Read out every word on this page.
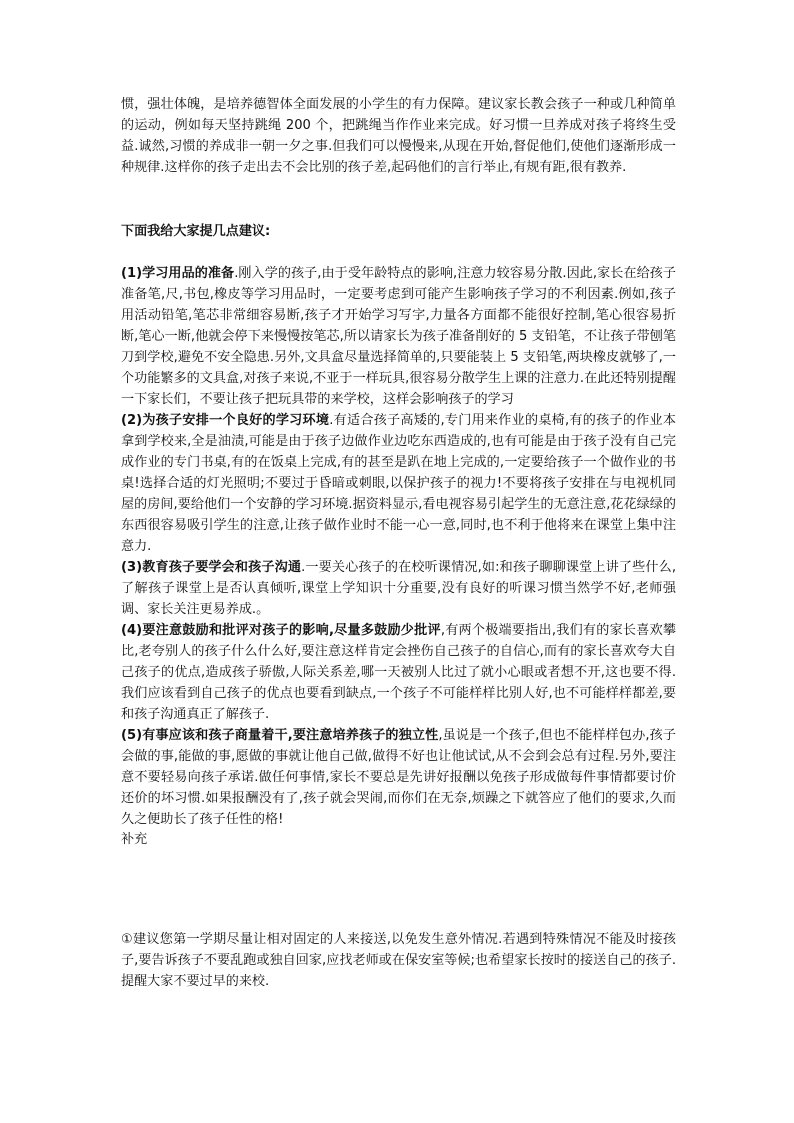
惯，强壮体魄，是培养德智体全面发展的小学生的有力保障。建议家长教会孩子一种或几种简单的运动，例如每天坚持跳绳 200 个，把跳绳当作作业来完成。好习惯一旦养成对孩子将终生受益.诚然,习惯的养成非一朝一夕之事.但我们可以慢慢来,从现在开始,督促他们,使他们逐渐形成一种规律.这样你的孩子走出去不会比别的孩子差,起码他们的言行举止,有规有距,很有教养.

下面我给大家提几点建议:

(1)学习用品的准备.刚入学的孩子,由于受年龄特点的影响,注意力较容易分散.因此,家长在给孩子准备笔,尺,书包,橡皮等学习用品时，一定要考虑到可能产生影响孩子学习的不利因素.例如,孩子用活动铅笔,笔芯非常细容易断,孩子才开始学习写字,力量各方面都不能很好控制,笔心很容易折断,笔心一断,他就会停下来慢慢按笔芯,所以请家长为孩子准备削好的 5 支铅笔，不让孩子带刨笔刀到学校,避免不安全隐患.另外,文具盒尽量选择简单的,只要能装上 5 支铅笔,两块橡皮就够了,一个功能繁多的文具盒,对孩子来说,不亚于一样玩具,很容易分散学生上课的注意力.在此还特别提醒一下家长们，不要让孩子把玩具带的来学校，这样会影响孩子的学习

(2)为孩子安排一个良好的学习环境.有适合孩子高矮的,专门用来作业的桌椅,有的孩子的作业本拿到学校来,全是油渍,可能是由于孩子边做作业边吃东西造成的,也有可能是由于孩子没有自己完成作业的专门书桌,有的在饭桌上完成,有的甚至是趴在地上完成的,一定要给孩子一个做作业的书桌!选择合适的灯光照明;不要过于昏暗或刺眼,以保护孩子的视力!不要将孩子安排在与电视机同屋的房间,要给他们一个安静的学习环境.据资料显示,看电视容易引起学生的无意注意,花花绿绿的东西很容易吸引学生的注意,让孩子做作业时不能一心一意,同时,也不利于他将来在课堂上集中注意力.

(3)教育孩子要学会和孩子沟通.一要关心孩子的在校听课情况,如:和孩子聊聊课堂上讲了些什么,了解孩子课堂上是否认真倾听,课堂上学知识十分重要,没有良好的听课习惯当然学不好,老师强调、家长关注更易养成.。

(4)要注意鼓励和批评对孩子的影响,尽量多鼓励少批评,有两个极端要指出,我们有的家长喜欢攀比,老夸别人的孩子什么什么好,要注意这样肯定会挫伤自己孩子的自信心,而有的家长喜欢夸大自己孩子的优点,造成孩子骄傲,人际关系差,哪一天被别人比过了就小心眼或者想不开,这也要不得.我们应该看到自己孩子的优点也要看到缺点,一个孩子不可能样样比别人好,也不可能样样都差,要和孩子沟通真正了解孩子.

(5)有事应该和孩子商量着干,要注意培养孩子的独立性,虽说是一个孩子,但也不能样样包办,孩子会做的事,能做的事,愿做的事就让他自己做,做得不好也让他试试,从不会到会总有过程.另外,要注意不要轻易向孩子承诺.做任何事情,家长不要总是先讲好报酬以免孩子形成做每件事情都要讨价还价的坏习惯.如果报酬没有了,孩子就会哭闹,而你们在无奈,烦躁之下就答应了他们的要求,久而久之便助长了孩子任性的格!

补充

①建议您第一学期尽量让相对固定的人来接送,以免发生意外情况.若遇到特殊情况不能及时接孩子,要告诉孩子不要乱跑或独自回家,应找老师或在保安室等候;也希望家长按时的接送自己的孩子.提醒大家不要过早的来校.
